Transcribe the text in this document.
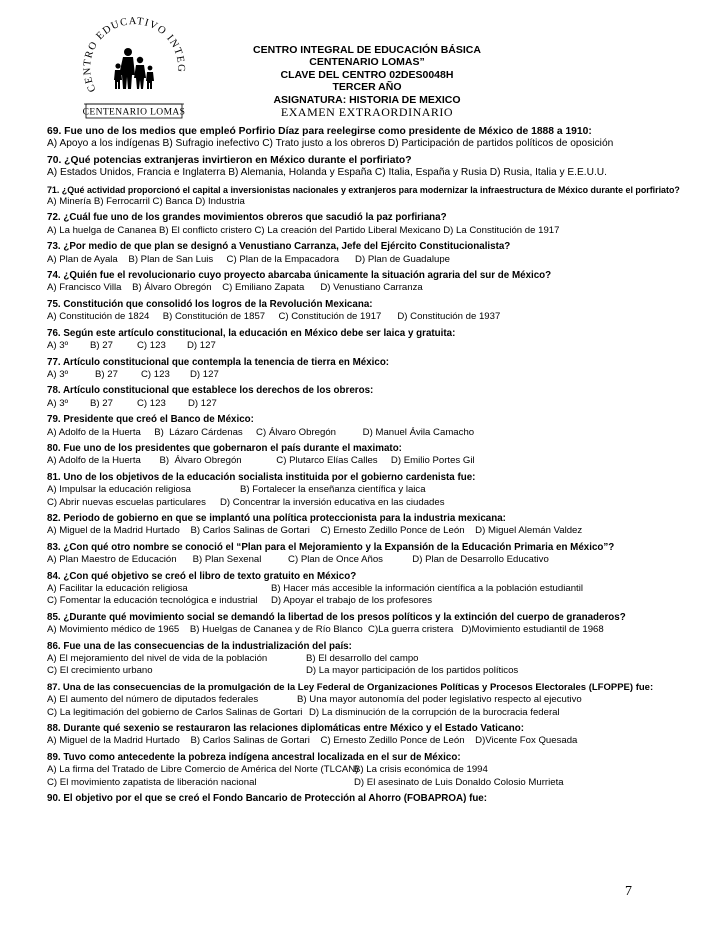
CENTRO EDUCATIVO INTEG
CENTENARIO LOMAS
CENTRO INTEGRAL DE EDUCACIÓN BÁSICA
CENTENARIO LOMAS”
CLAVE DEL CENTRO 02DES0048H
TERCER AÑO
ASIGNATURA: HISTORIA DE MEXICO
EXAMEN EXTRAORDINARIO
69. Fue uno de los medios que empleó Porfirio Díaz para reelegirse como presidente de México de 1888 a 1910:
A) Apoyo a los indígenas B) Sufragio inefectivo C) Trato justo a los obreros D) Participación de partidos políticos de oposición
70. ¿Qué potencias extranjeras invirtieron en México durante el porfiriato?
A) Estados Unidos, Francia e Inglaterra B) Alemania, Holanda y España C) Italia, España y Rusia D) Rusia, Italia y E.E.U.U.
71. ¿Qué actividad proporcionó el capital a inversionistas nacionales y extranjeros para modernizar la infraestructura de México durante el porfiriato?
A) Minería B) Ferrocarril C) Banca D) Industria
72. ¿Cuál fue uno de los grandes movimientos obreros que sacudió la paz porfiriana?
A) La huelga de Cananea B) El conflicto cristero C) La creación del Partido Liberal Mexicano D) La Constitución de 1917
73. ¿Por medio de que plan se designó a Venustiano Carranza, Jefe del Ejército Constitucionalista?
A) Plan de Ayala    B) Plan de San Luis     C) Plan de la Empacadora      D) Plan de Guadalupe
74. ¿Quién fue el revolucionario cuyo proyecto abarcaba únicamente la situación agraria del sur de México?
A) Francisco Villa    B) Álvaro Obregón    C) Emiliano Zapata      D) Venustiano Carranza
75. Constitución que consolidó los logros de la Revolución Mexicana:
A) Constitución de 1824     B) Constitución de 1857     C) Constitución de 1917      D) Constitución de 1937
76. Según este artículo constitucional, la educación en México debe ser laica y gratuita:
A) 3º	B) 27	C) 123	D) 127
77. Artículo constitucional que contempla la tenencia de tierra en México:
A) 3º	B) 27	C) 123	D) 127
78. Artículo constitucional que establece los derechos de los obreros:
A) 3º	B) 27	C) 123	D) 127
79. Presidente que creó el Banco de México:
A) Adolfo de la Huerta     B)  Lázaro Cárdenas     C) Álvaro Obregón          D) Manuel Ávila Camacho
80. Fue uno de los presidentes que gobernaron el país durante el maximato:
A) Adolfo de la Huerta       B)  Álvaro Obregón             C) Plutarco Elías Calles     D) Emilio Portes Gil
81. Uno de los objetivos de la educación socialista instituida por el gobierno cardenista fue:
A) Impulsar la educación religiosa	B) Fortalecer la enseñanza científica y laica
C) Abrir nuevas escuelas particulares	D) Concentrar la inversión educativa en las ciudades
82. Periodo de gobierno en que se implantó una política proteccionista para la industria mexicana:
A) Miguel de la Madrid Hurtado    B) Carlos Salinas de Gortari    C) Ernesto Zedillo Ponce de León    D) Miguel Alemán Valdez
83. ¿Con qué otro nombre se conoció el “Plan para el Mejoramiento y la Expansión de la Educación Primaria en México”?
A) Plan Maestro de Educación      B) Plan Sexenal          C) Plan de Once Años           D) Plan de Desarrollo Educativo
84. ¿Con qué objetivo se creó el libro de texto gratuito en México?
A) Facilitar la educación religiosa	B) Hacer más accesible la información científica a la población estudiantil
C) Fomentar la educación tecnológica e industrial	D) Apoyar el trabajo de los profesores
85. ¿Durante qué movimiento social se demandó la libertad de los presos políticos y la extinción del cuerpo de granaderos?
A) Movimiento médico de 1965    B) Huelgas de Cananea y de Río Blanco  C)La guerra cristera   D)Movimiento estudiantil de 1968
86. Fue una de las consecuencias de la industrialización del país:
A) El mejoramiento del nivel de vida de la población	B) El desarrollo del campo
C) El crecimiento urbano	D) La mayor participación de los partidos políticos
87. Una de las consecuencias de la promulgación de la Ley Federal de Organizaciones Políticas y Procesos Electorales (LFOPPE) fue:
A) El aumento del número de diputados federales	B) Una mayor autonomía del poder legislativo respecto al ejecutivo
C) La legitimación del gobierno de Carlos Salinas de Gortari D) La disminución de la corrupción de la burocracia federal
88. Durante qué sexenio se restauraron las relaciones diplomáticas entre México y el Estado Vaticano:
A) Miguel de la Madrid Hurtado    B) Carlos Salinas de Gortari    C) Ernesto Zedillo Ponce de León    D)Vicente Fox Quesada
89. Tuvo como antecedente la pobreza indígena ancestral localizada en el sur de México:
A) La firma del Tratado de Libre Comercio de América del Norte (TLCAN)
B) La crisis económica de 1994
C) El movimiento zapatista de liberación nacional	D) El asesinato de Luis Donaldo Colosio Murrieta
90. El objetivo por el que se creó el Fondo Bancario de Protección al Ahorro (FOBAPROA) fue:
7
